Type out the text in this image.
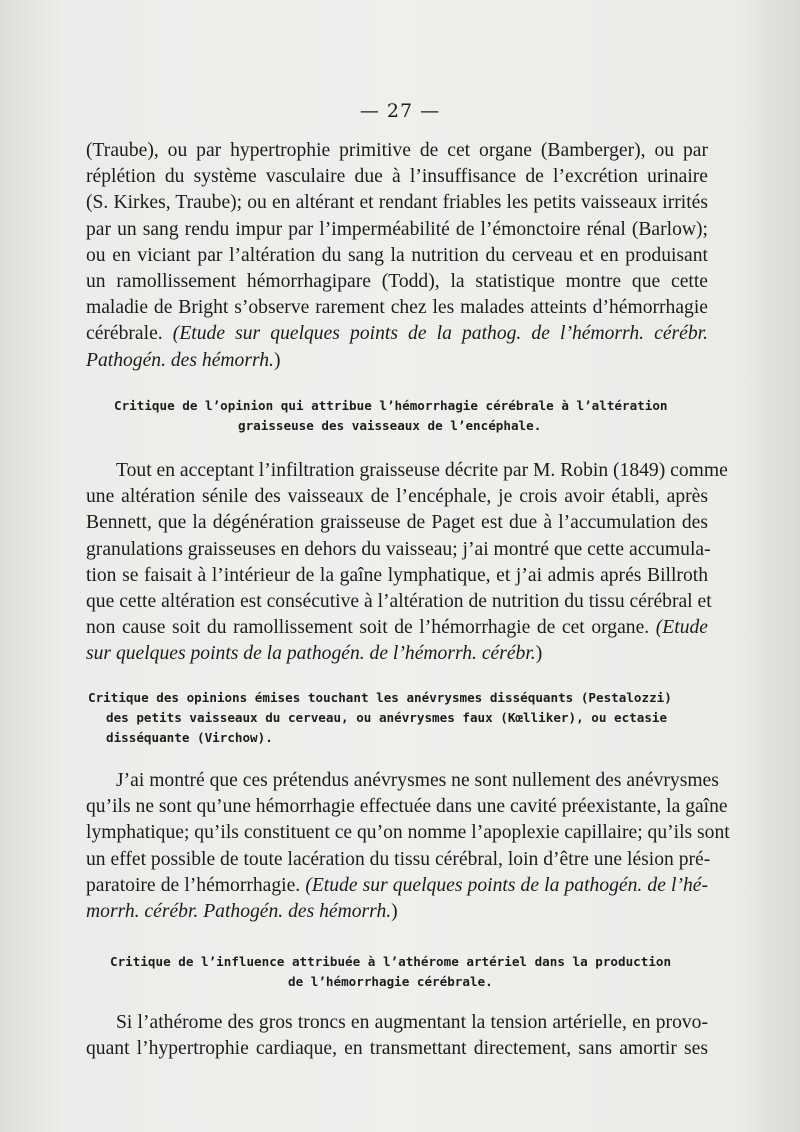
— 27 —
(Traube), ou par hypertrophie primitive de cet organe (Bamberger), ou par
réplétion du système vasculaire due à l’insuffisance de l’excrétion urinaire
(S. Kirkes, Traube); ou en altérant et rendant friables les petits vaisseaux irrités
par un sang rendu impur par l’imperméabilité de l’émonctoire rénal (Barlow);
ou en viciant par l’altération du sang la nutrition du cerveau et en produisant
un ramollissement hémorrhagipare (Todd), la statistique montre que cette
maladie de Bright s’observe rarement chez les malades atteints d’hémorrhagie
cérébrale. (Etude sur quelques points de la pathog. de l’hémorrh. cérébr.
Pathogén. des hémorrh.)
Critique de l’opinion qui attribue l’hémorrhagie cérébrale à l’altération
graisseuse des vaisseaux de l’encéphale.
Tout en acceptant l’infiltration graisseuse décrite par M. Robin (1849) comme
une altération sénile des vaisseaux de l’encéphale, je crois avoir établi, après
Bennett, que la dégénération graisseuse de Paget est due à l’accumulation des
granulations graisseuses en dehors du vaisseau; j’ai montré que cette accumula-
tion se faisait à l’intérieur de la gaîne lymphatique, et j’ai admis aprés Billroth
que cette altération est consécutive à l’altération de nutrition du tissu cérébral et
non cause soit du ramollissement soit de l’hémorrhagie de cet organe. (Etude
sur quelques points de la pathogén. de l’hémorrh. cérébr.)
Critique des opinions émises touchant les anévrysmes disséquants (Pestalozzi)
des petits vaisseaux du cerveau, ou anévrysmes faux (Kœlliker), ou ectasie
disséquante (Virchow).
J’ai montré que ces prétendus anévrysmes ne sont nullement des anévrysmes
qu’ils ne sont qu’une hémorrhagie effectuée dans une cavité préexistante, la gaîne
lymphatique; qu’ils constituent ce qu’on nomme l’apoplexie capillaire; qu’ils sont
un effet possible de toute lacération du tissu cérébral, loin d’être une lésion pré-
paratoire de l’hémorrhagie. (Etude sur quelques points de la pathogén. de l’hé-
morrh. cérébr. Pathogén. des hémorrh.)
Critique de l’influence attribuée à l’athérome artériel dans la production
de l’hémorrhagie cérébrale.
Si l’athérome des gros troncs en augmentant la tension artérielle, en provo-
quant l’hypertrophie cardiaque, en transmettant directement, sans amortir ses
